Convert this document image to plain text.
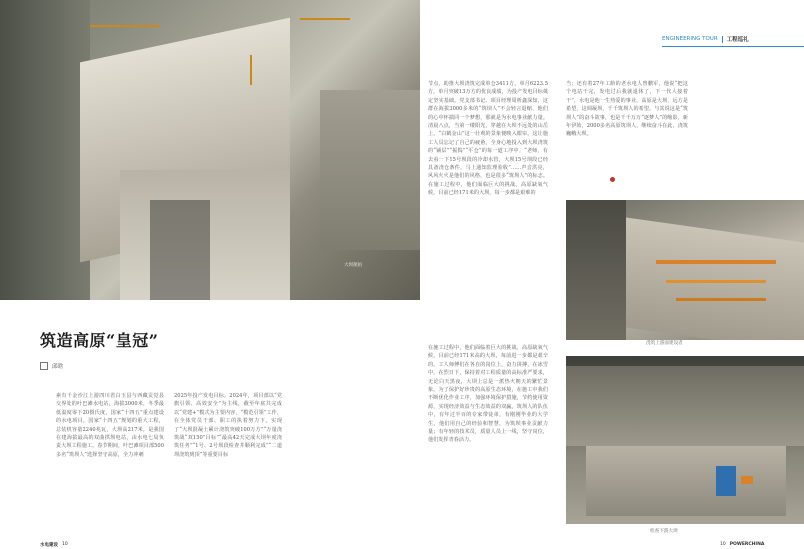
大坝航拍
筑造高原“皇冠”
邱晗
素有千金沙江上游四川省白玉县与西藏贡觉县交界处的叶巴滩水电站，海拔3000米，冬季最低温度零下20摄氏度，国家“十四五”重点建设的水电项目，国家“十四五”规划的重大工程，总装机容量2240兆瓦，大坝高217米，是我国在建海拔最高的双曲拱坝电站，由水电七局负责大坝工程施工。春节期间，叶巴滩项目部500多名“筑坝人”选择坚守高原，全力冲刺
2025年投产发电目标。2024年，项目部以“党旗引领、高效安全”为主线，截至年底共完成以“党建+”模式为主要内容，“模范引领”工作，在全体党员干部、职工的执着努力下，实现了“大坝混凝土累计浇筑突破100万方”“万量浇筑战“双150”目标”“最高42天完成大坝年度浇筑任务”“1号、2号坝段检查井顺利完成”“二道坝浇筑到顶”等重要目标
节点，助推大坝浇筑完成单仓3411方，单月6223.5方，单月突破13万方的优良成绩，为投产发电目标奠定坚实基础。党支部书记、项目经理周析鑫深知，这群在海拔3000多米的“筑坝人”不会轻言退缩，他们的心中怀揣同一个梦想，那就是为水电事业献力量。清晨八点，当第一缕阳光，穿越在大坝不远处的山岳上，“白鹤金山”这一壮观的景象便映入眼帘。这让施工人员忘记了自己的疲惫，全身心地投入到大坝浇筑的“铺层”“振捣”“平仓”的每一道工序中。“老师，有去看一下15号坝段的冷却水管，大坝15号坝段已经具备浇仓条件，马上通知监理验收”……声音洪亮，风风火火是他们的风格，也是很多“筑坝人”的标志。在施工过程中，他们面临巨大的挑战。高原缺氧气候，目前已经171米的大坝，每一步都是艰难的
在施工过程中，他们面临着巨大的挑战，高原缺氧气候，目前已经171米高的大坝，每前进一步都是艰辛的。工人师傅们在各自的岗位上，奋力拼搏，在冰雪中，在烈日下，保持着对工程质量的高标准严要求，无论白天黑夜，大坝上总是一派热火朝天的繁忙景象。为了保护好珍贵的高原生态环境，在施工中我们不断优化作业工序，加强环境保护措施，节约使用资源，实现经济效益与生态效益的双赢。筑坝人的队伍中，有年过半百的专家带徒弟，有刚刚毕业的大学生，他们用自己的经验和智慧，为筑坝事业贡献力量；有年轻的技术员，质量人员上一线，坚守岗位，他们发挥青春活力。
当；还有着27年工龄的老水电人曾鹏军，他说“把这个电站干完，发电过后我就退休了，下一代人接着干”，水电是他一生热爱的事业。高原是大坝，远方是希望，这调凝坝，千千筑坝人的希望。与其说这是“筑坝人”的奋斗故事，也是千千万万“逐梦人”的缩影，新年伊始，2000多名高原筑坝人，继续奋斗在此，浇筑巍峨大坝。
ENGINEERING TOUR 工程巡礼
浇筑上游面建设者
检查下游大坝
水电建设 10	10 POWERCHINA
